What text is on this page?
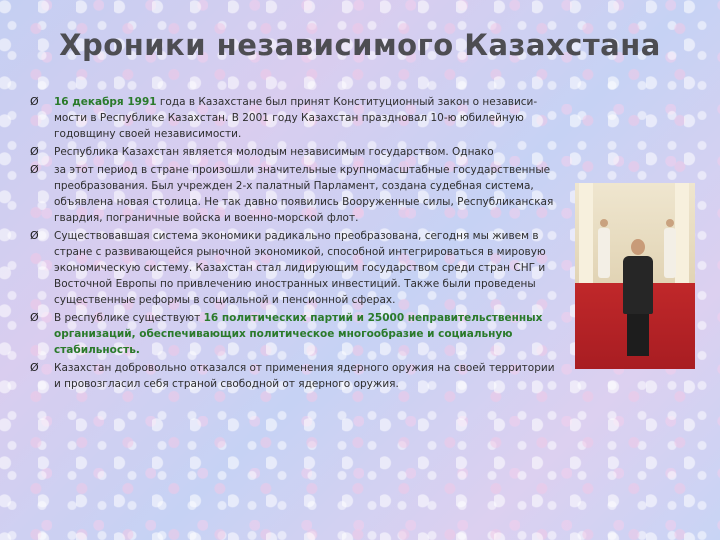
Хроники независимого Казахстана
Ø	16 декабря 1991 года в Казахстане был принят Конституционный закон о независи-мости в Республике Казахстан. В 2001 году Казахстан праздновал 10-ю юбилейную годовщину своей независимости.
Ø	Республика Казахстан является молодым независимым государством. Однако
Ø	за этот период в стране произошли значительные крупномасштабные государственные преобразования. Был учрежден 2-х палатный Парламент, создана судебная система, объявлена новая столица. Не так давно появились Вооруженные силы, Республиканская гвардия, пограничные войска и военно-морской флот.
Ø	Существовавшая система экономики радикально преобразована, сегодня мы живем в стране с развивающейся рыночной экономикой, способной интегрироваться в мировую экономическую систему. Казахстан стал лидирующим государством среди стран СНГ и Восточной Европы по привлечению иностранных инвестиций. Также были проведены существенные реформы в социальной и пенсионной сферах.
Ø	В республике существуют 16 политических партий и 25000 неправительственных организаций, обеспечивающих политическое многообразие и социальную стабильность.
Ø	Казахстан добровольно отказался от применения ядерного оружия на своей территории и провозгласил себя страной свободной от ядерного оружия.
